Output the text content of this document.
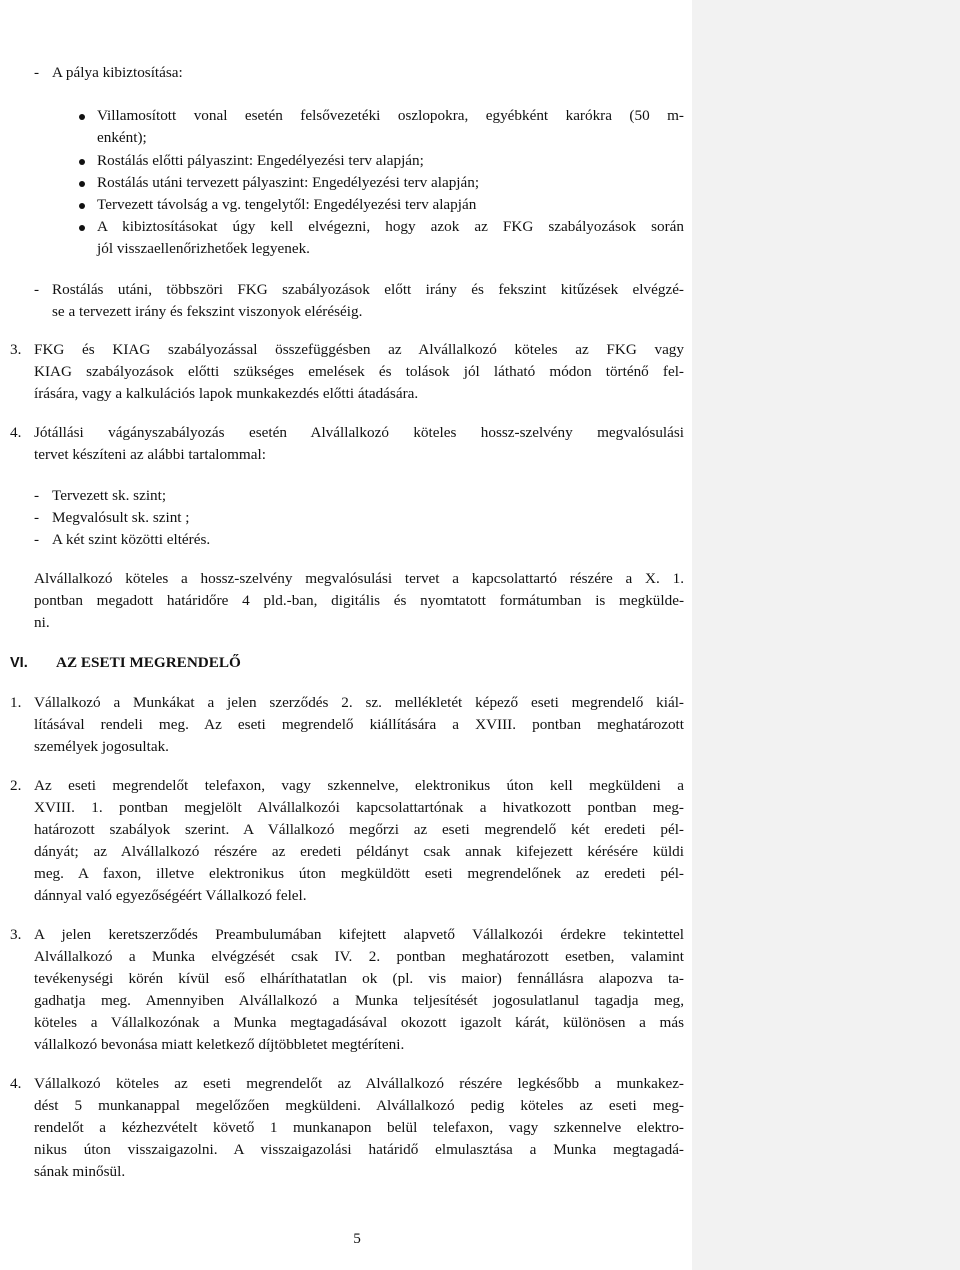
- A pálya kibiztosítása:
Villamosított vonal esetén felsővezetéki oszlopokra, egyébként karókra (50 m-
enként);
Rostálás előtti pályaszint: Engedélyezési terv alapján;
Rostálás utáni tervezett pályaszint: Engedélyezési terv alapján;
Tervezett távolság a vg. tengelytől: Engedélyezési terv alapján
A kibiztosításokat úgy kell elvégezni, hogy azok az FKG szabályozások során
jól visszaellenőrizhetőek legyenek.
- Rostálás utáni, többszöri FKG szabályozások előtt irány és fekszint kitűzések elvégzé-
se a tervezett irány és fekszint viszonyok eléréséig.
3. FKG és KIAG szabályozással összefüggésben az Alvállalkozó köteles az FKG vagy
KIAG szabályozások előtti szükséges emelések és tolások jól látható módon történő fel-
írására, vagy a kalkulációs lapok munkakezdés előtti átadására.
4. Jótállási vágányszabályozás esetén Alvállalkozó köteles hossz-szelvény megvalósulási
tervet készíteni az alábbi tartalommal:
- Tervezett sk. szint;
- Megvalósult sk. szint ;
- A két szint közötti eltérés.
Alvállalkozó köteles a hossz-szelvény megvalósulási tervet a kapcsolattartó részére a X. 1.
pontban megadott határidőre 4 pld.-ban, digitális és nyomtatott formátumban is megkülde-
ni.
VI. AZ ESETI MEGRENDELŐ
1. Vállalkozó a Munkákat a jelen szerződés 2. sz. mellékletét képező eseti megrendelő kiál-
lításával rendeli meg. Az eseti megrendelő kiállítására a XVIII. pontban meghatározott
személyek jogosultak.
2. Az eseti megrendelőt telefaxon, vagy szkennelve, elektronikus úton kell megküldeni a
XVIII. 1. pontban megjelölt Alvállalkozói kapcsolattartónak a hivatkozott pontban meg-
határozott szabályok szerint. A Vállalkozó megőrzi az eseti megrendelő két eredeti pél-
dányát; az Alvállalkozó részére az eredeti példányt csak annak kifejezett kérésére küldi
meg. A faxon, illetve elektronikus úton megküldött eseti megrendelőnek az eredeti pél-
dánnyal való egyezőségéért Vállalkozó felel.
3. A jelen keretszerződés Preambulumában kifejtett alapvető Vállalkozói érdekre tekintettel
Alvállalkozó a Munka elvégzését csak IV. 2. pontban meghatározott esetben, valamint
tevékenységi körén kívül eső elháríthatatlan ok (pl. vis maior) fennállásra alapozva ta-
gadhatja meg. Amennyiben Alvállalkozó a Munka teljesítését jogosulatlanul tagadja meg,
köteles a Vállalkozónak a Munka megtagadásával okozott igazolt kárát, különösen a más
vállalkozó bevonása miatt keletkező díjtöbbletet megtéríteni.
4. Vállalkozó köteles az eseti megrendelőt az Alvállalkozó részére legkésőbb a munkakez-
dést 5 munkanappal megelőzően megküldeni. Alvállalkozó pedig köteles az eseti meg-
rendelőt a kézhezvételt követő 1 munkanapon belül telefaxon, vagy szkennelve elektro-
nikus úton visszaigazolni. A visszaigazolási határidő elmulasztása a Munka megtagadá-
sának minősül.
5
